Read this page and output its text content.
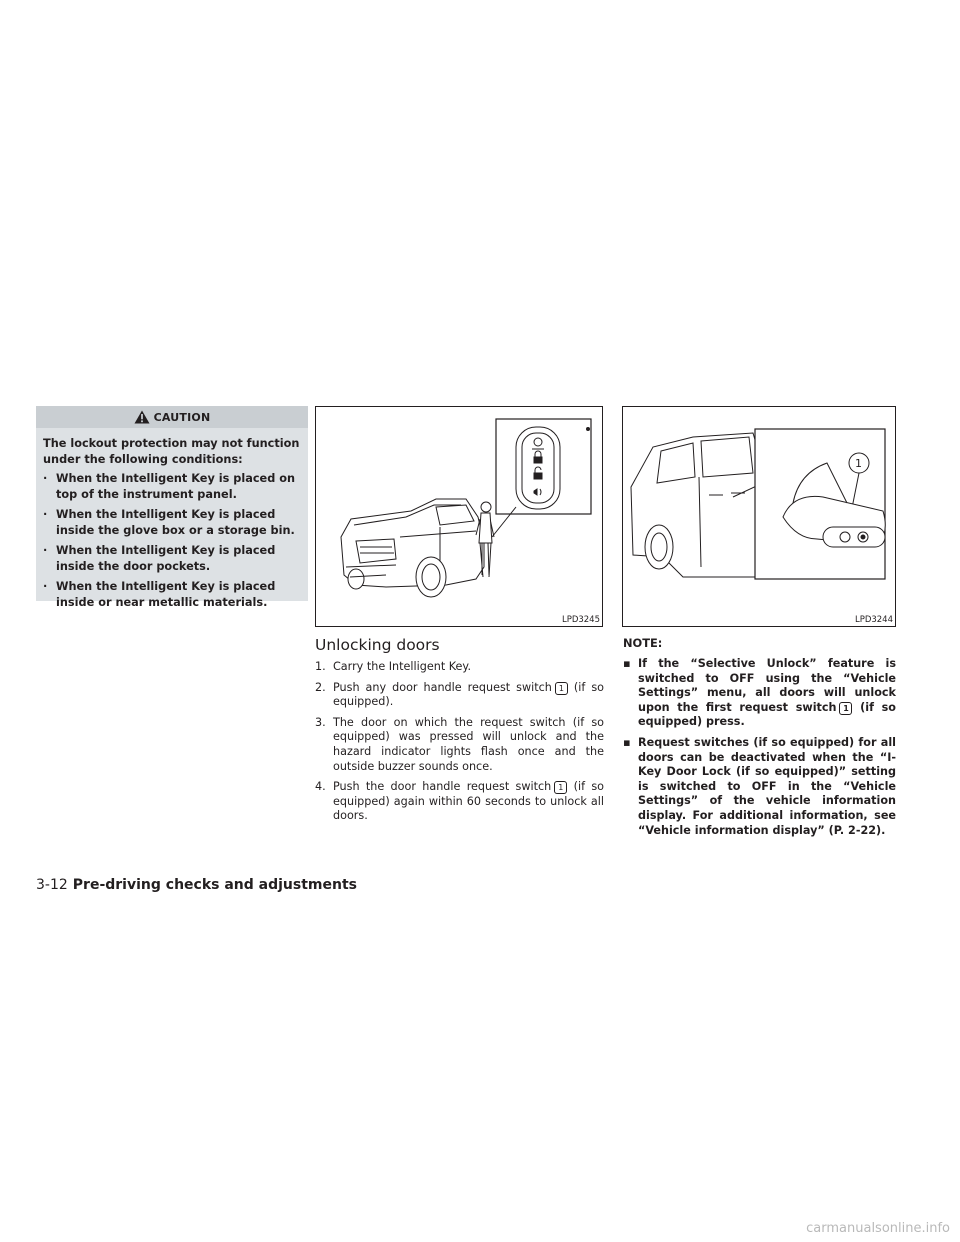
CAUTION

The lockout protection may not function under the following conditions:

· When the Intelligent Key is placed on top of the instrument panel.
· When the Intelligent Key is placed inside the glove box or a storage bin.
· When the Intelligent Key is placed inside the door pockets.
· When the Intelligent Key is placed inside or near metallic materials.
LPD3245
1
LPD3244
Unlocking doors
1. Carry the Intelligent Key.
2. Push any door handle request switch 1 (if so equipped).
3. The door on which the request switch (if so equipped) was pressed will unlock and the hazard indicator lights flash once and the outside buzzer sounds once.
4. Push the door handle request switch 1 (if so equipped) again within 60 seconds to unlock all doors.
NOTE:
▪ If the “Selective Unlock” feature is switched to OFF using the “Vehicle Settings” menu, all doors will unlock upon the first request switch 1 (if so equipped) press.
▪ Request switches (if so equipped) for all doors can be deactivated when the “I-Key Door Lock (if so equipped)” setting is switched to OFF in the “Vehicle Settings” of the vehicle information display. For additional information, see “Vehicle information display” (P. 2-22).
3-12 Pre-driving checks and adjustments
carmanualsonline.info
